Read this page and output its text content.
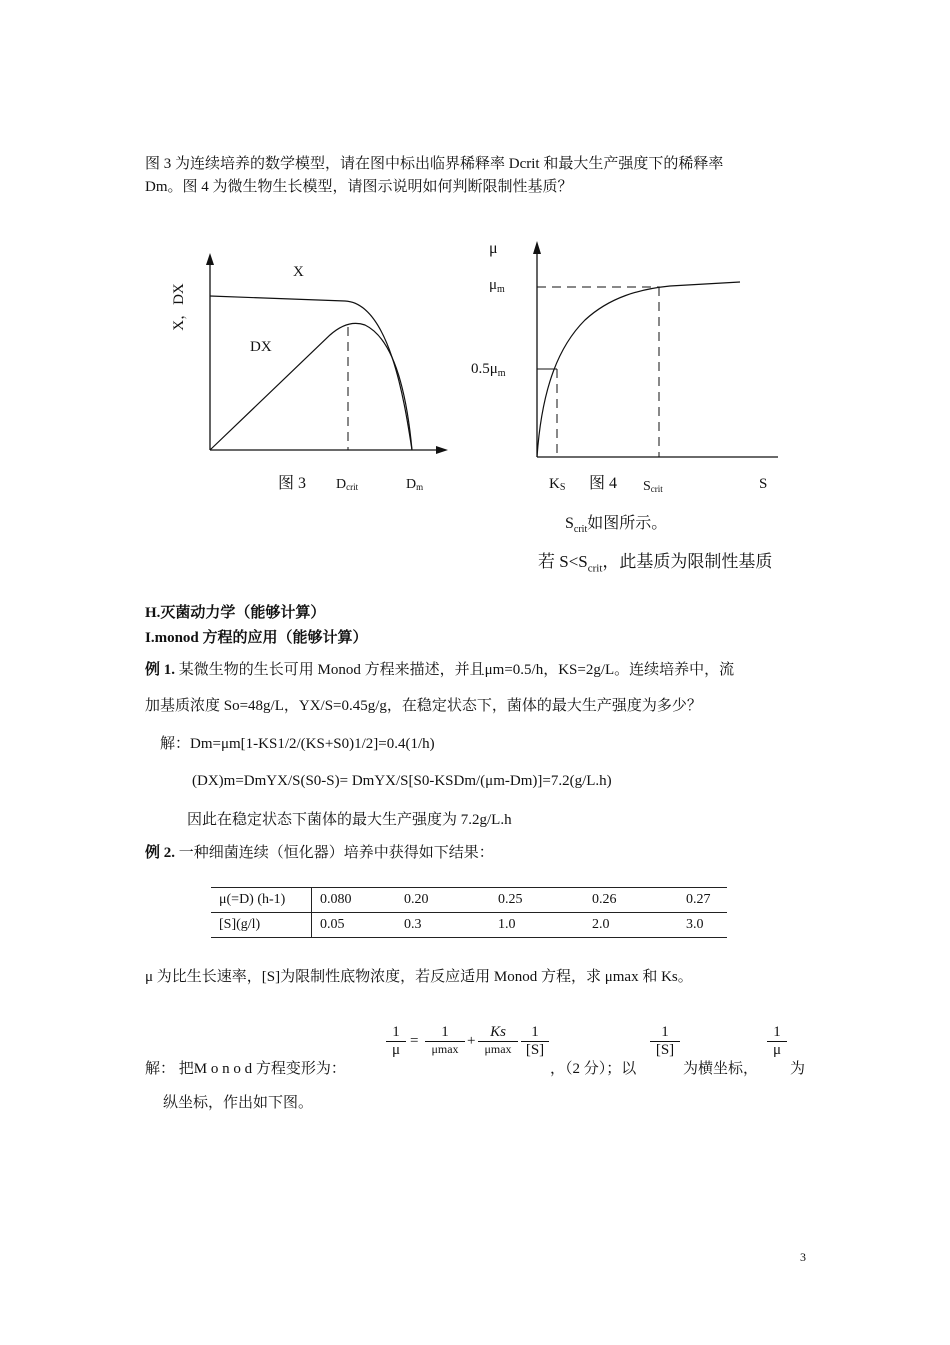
图 3 为连续培养的数学模型，请在图中标出临界稀释率 Dcrit 和最大生产强度下的稀释率
Dm。图 4 为微生物生长模型，请图示说明如何判断限制性基质？
X，DX
X
DX
图 3 Dcrit	Dm
μ
$\mu_m$
$0.5\mu_m$
KS 图 4 Scrit	S
$S_{crit}$如图所示。
若 $S<S_{crit}$，此基质为限制性基质
H.灭菌动力学（能够计算）
I.monod 方程的应用（能够计算）
例 1. 某微生物的生长可用 Monod 方程来描述，并且μm=0.5/h，KS=2g/L。连续培养中，流
加基质浓度 So=48g/L，YX/S=0.45g/g，在稳定状态下，菌体的最大生产强度为多少？
解：Dm=μm[1-KS1/2/(KS+S0)1/2]=0.4(1/h)
(DX)m=DmYX/S(S0-S)= DmYX/S[S0-KSDm/(μm-Dm)]=7.2(g/L.h)
因此在稳定状态下菌体的最大生产强度为 7.2g/L.h
例 2. 一种细菌连续（恒化器）培养中获得如下结果：
μ(=D) (h-1)	0.080	0.20	0.25	0.26	0.27
[S](g/l)	0.05	0.3	1.0	2.0	3.0
μ 为比生长速率，[S]为限制性底物浓度，若反应适用 Monod 方程，求 μmax 和 Ks。
解： 把M o n o d 方程变形为：
$\frac{1}{\mu}$ =
1
μmax +
Ks
μmax $\frac{1}{[S]}$
，（2 分）；以
$\frac{1}{[S]}$
为横坐标，
$\frac{1}{\mu}$
为
纵坐标，作出如下图。
3
